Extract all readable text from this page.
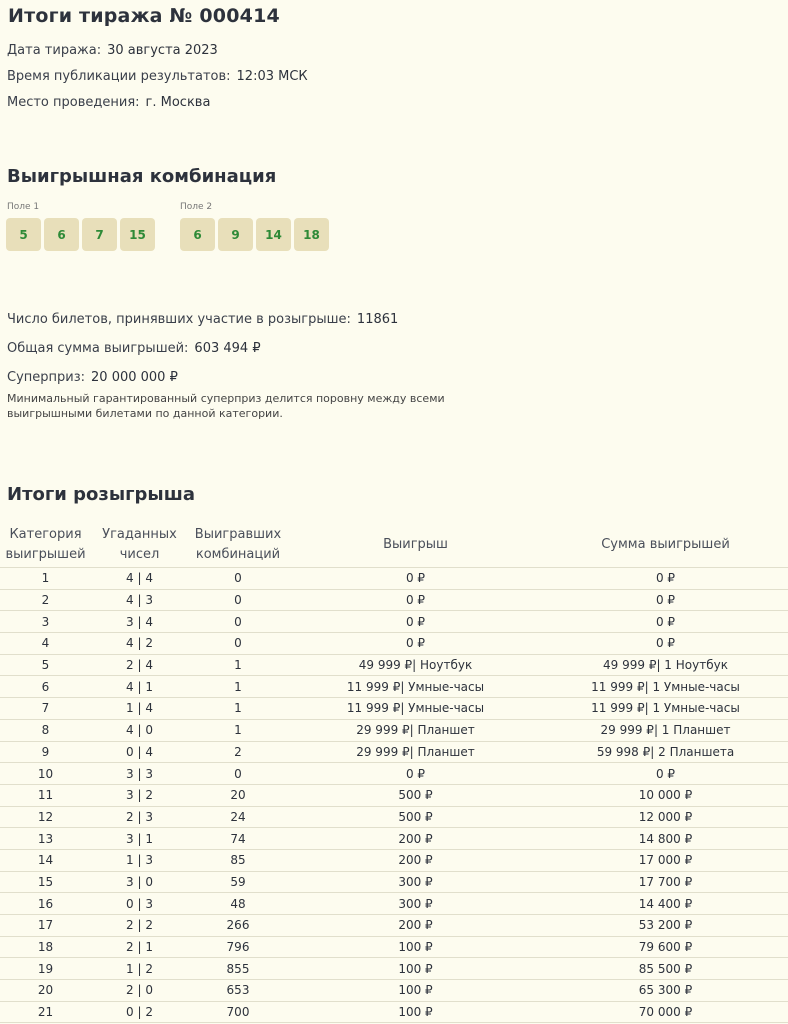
Итоги тиража № 000414
Дата тиража: 30 августа 2023
Время публикации результатов: 12:03 МСК
Место проведения: г. Москва
Выигрышная комбинация
Поле 1
5	6	7	15
Поле 2
6	9	14	18
Число билетов, принявших участие в розыгрыше: 11861
Общая сумма выигрышей: 603 494 ₽
Суперприз: 20 000 000 ₽
Минимальный гарантированный суперприз делится поровну между всеми выигрышными билетами по данной категории.
Итоги розыгрыша
Категория выигрышей	Угаданных чисел	Выигравших комбинаций	Выигрыш	Сумма выигрышей
1	4 | 4	0	0 ₽	0 ₽
2	4 | 3	0	0 ₽	0 ₽
3	3 | 4	0	0 ₽	0 ₽
4	4 | 2	0	0 ₽	0 ₽
5	2 | 4	1	49 999 ₽| Ноутбук	49 999 ₽| 1 Ноутбук
6	4 | 1	1	11 999 ₽| Умные-часы	11 999 ₽| 1 Умные-часы
7	1 | 4	1	11 999 ₽| Умные-часы	11 999 ₽| 1 Умные-часы
8	4 | 0	1	29 999 ₽| Планшет	29 999 ₽| 1 Планшет
9	0 | 4	2	29 999 ₽| Планшет	59 998 ₽| 2 Планшета
10	3 | 3	0	0 ₽	0 ₽
11	3 | 2	20	500 ₽	10 000 ₽
12	2 | 3	24	500 ₽	12 000 ₽
13	3 | 1	74	200 ₽	14 800 ₽
14	1 | 3	85	200 ₽	17 000 ₽
15	3 | 0	59	300 ₽	17 700 ₽
16	0 | 3	48	300 ₽	14 400 ₽
17	2 | 2	266	200 ₽	53 200 ₽
18	2 | 1	796	100 ₽	79 600 ₽
19	1 | 2	855	100 ₽	85 500 ₽
20	2 | 0	653	100 ₽	65 300 ₽
21	0 | 2	700	100 ₽	70 000 ₽
